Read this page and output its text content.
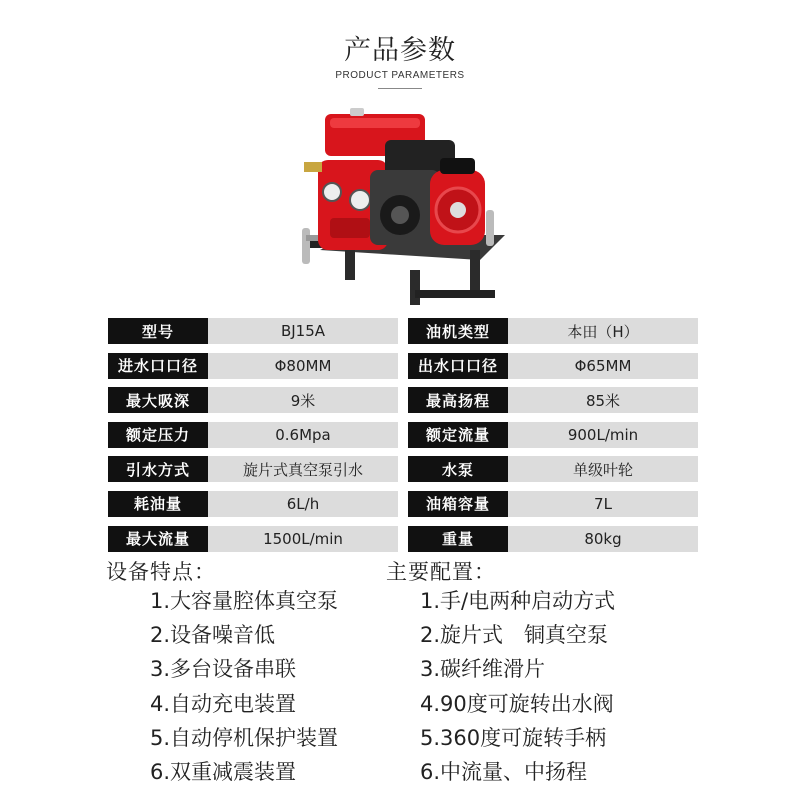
产品参数
PRODUCT PARAMETERS
型号	BJ15A	油机类型	本田（H）
进水口口径	Φ80MM	出水口口径	Φ65MM
最大吸深	9米	最高扬程	85米
额定压力	0.6Mpa	额定流量	900L/min
引水方式	旋片式真空泵引水	水泵	单级叶轮
耗油量	6L/h	油箱容量	7L
最大流量	1500L/min	重量	80kg
设备特点：
1.大容量腔体真空泵
2.设备噪音低
3.多台设备串联
4.自动充电装置
5.自动停机保护装置
6.双重减震装置
主要配置：
1.手/电两种启动方式
2.旋片式　铜真空泵
3.碳纤维滑片
4.90度可旋转出水阀
5.360度可旋转手柄
6.中流量、中扬程
